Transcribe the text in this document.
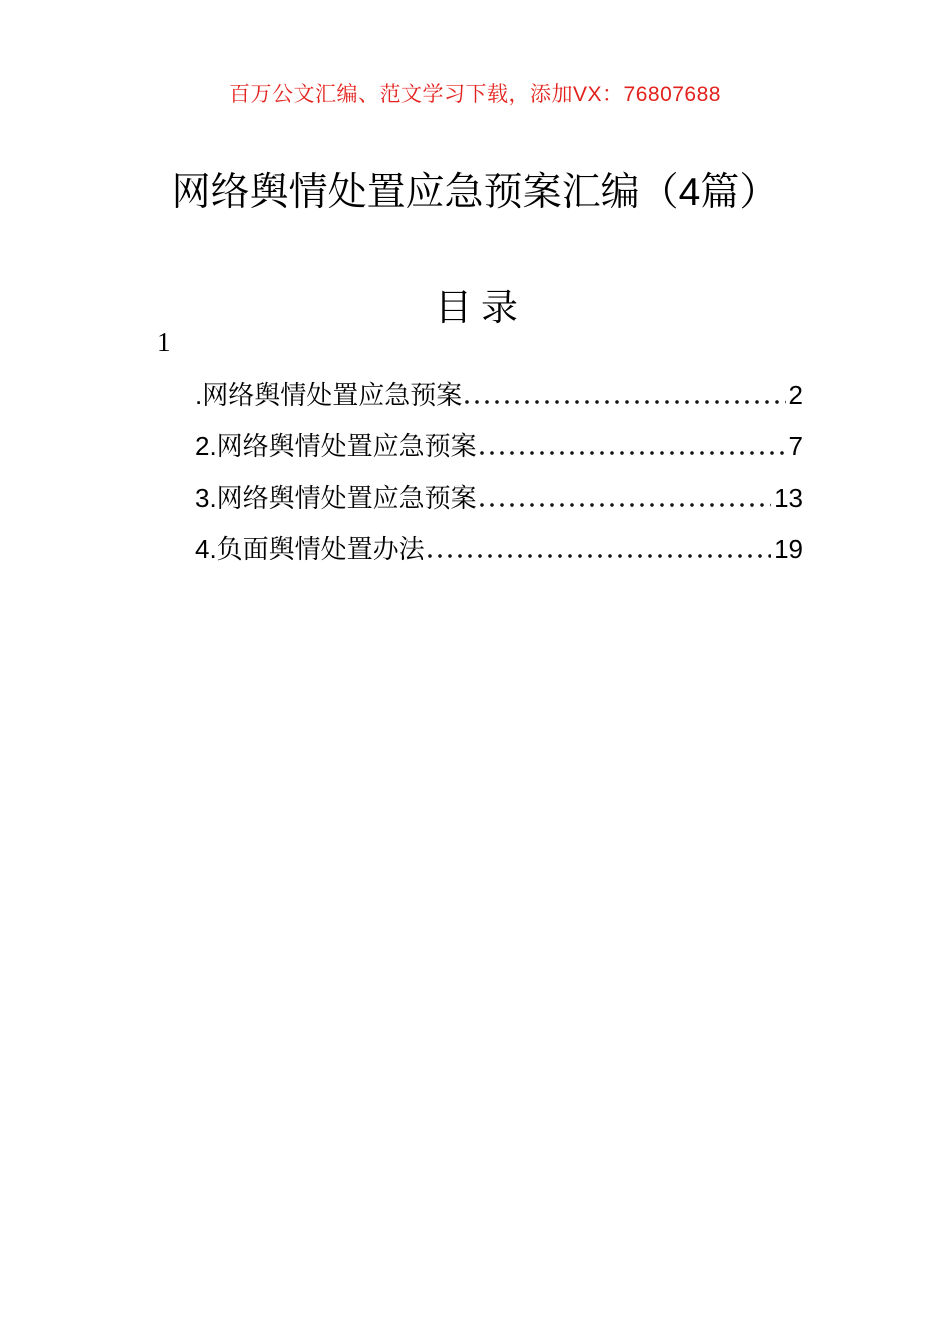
百万公文汇编、范文学习下载，添加VX：76807688
网络舆情处置应急预案汇编（4篇）
目录
1
.网络舆情处置应急预案	2
2.网络舆情处置应急预案	7
3.网络舆情处置应急预案	13
4.负面舆情处置办法	19
